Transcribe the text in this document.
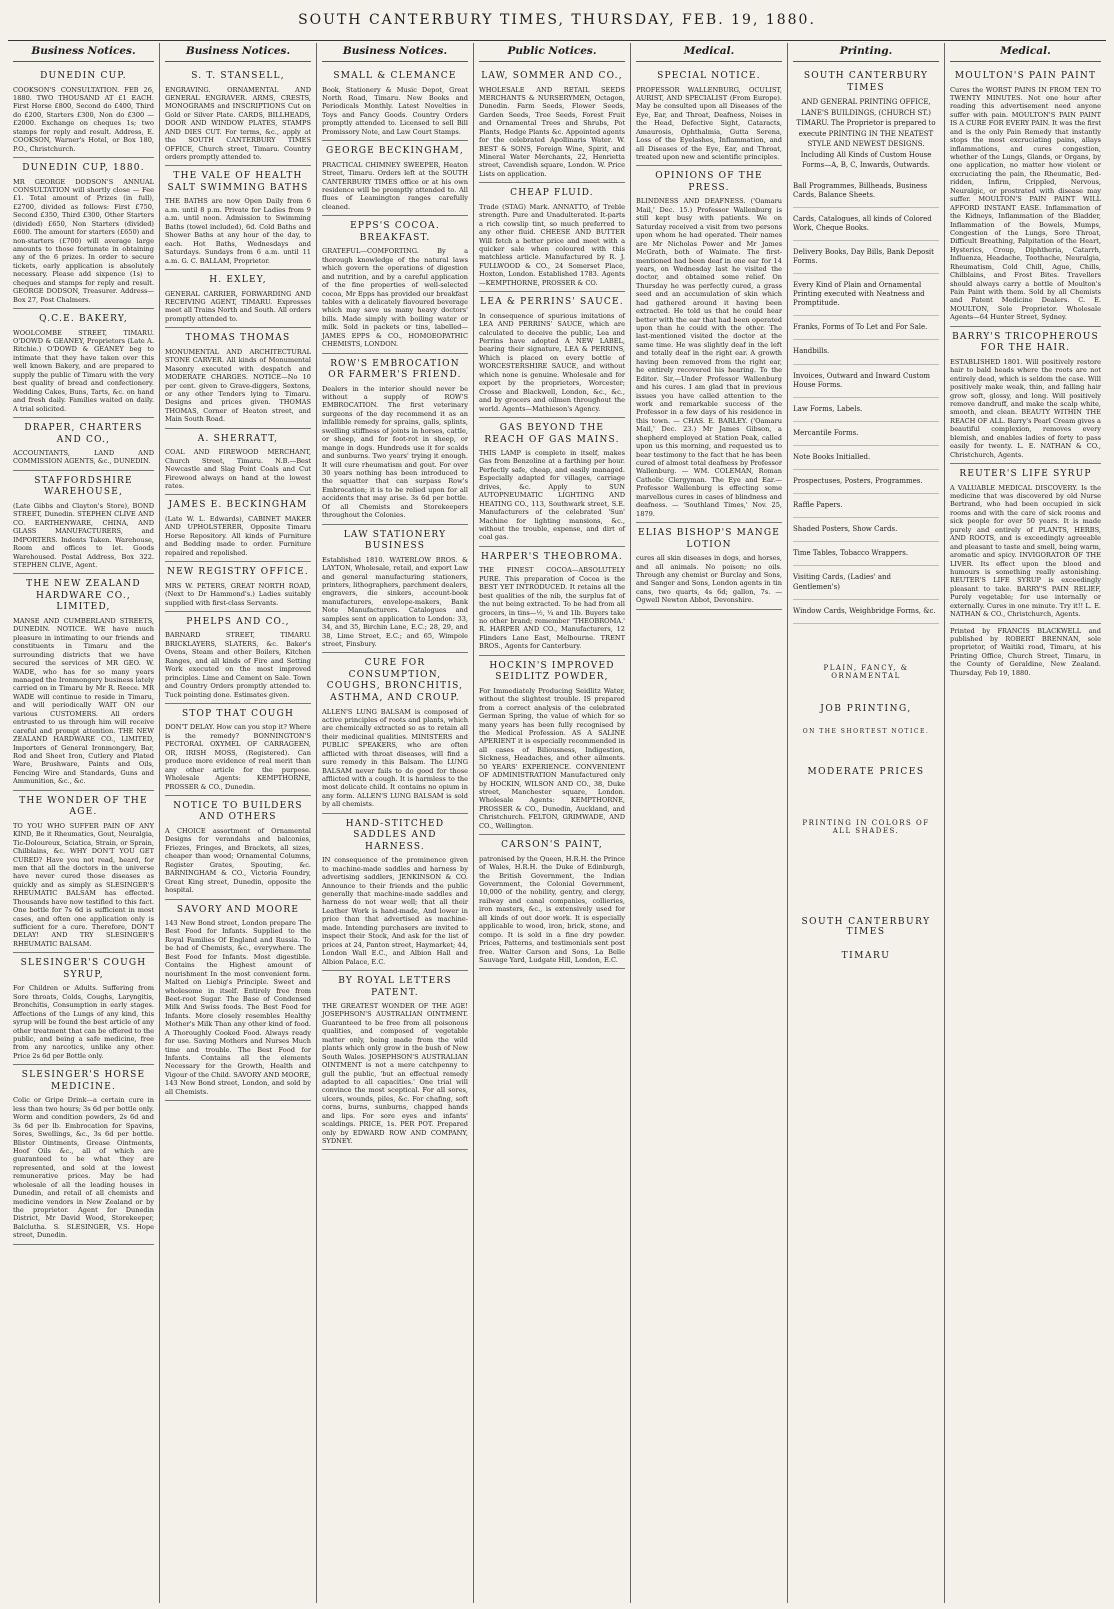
SOUTH CANTERBURY TIMES, THURSDAY, FEB. 19, 1880.
Business Notices.
DUNEDIN CUP.
COOKSON'S CONSULTATION. FEB 26, 1880. TWO THOUSAND AT £1 EACH. First Horse £800, Second do £400, Third do £200, Starters £300, Non do £300 — £2000. Exchange on cheques 1s; two stamps for reply and result. Address, E. COOKSON, Warner's Hotel, or Box 180, P.O., Christchurch.
DUNEDIN CUP, 1880.
MR GEORGE DODSON'S ANNUAL CONSULTATION will shortly close — Fee £1. Total amount of Prizes (in full), £2700, divided as follows: First £750, Second £350, Third £300, Other Starters (divided) £650, Non Starters (divided) £600. The amount for starters (£650) and non-starters (£700) will average large amounts to those fortunate in obtaining any of the 6 prizes. In order to secure tickets, early application is absolutely necessary. Please add sixpence (1s) to cheques and stamps for reply and result. GEORGE DODSON, Treasurer. Address—Box 27, Post Chalmers.
Q.C.E. BAKERY,
WOOLCOMBE STREET, TIMARU. O'DOWD & GEANEY, Proprietors (Late A. Ritchie.) O'DOWD & GEANEY beg to intimate that they have taken over this well known Bakery, and are prepared to supply the public of Timaru with the very best quality of bread and confectionery. Wedding Cakes, Buns, Tarts, &c. on hand and fresh daily. Families waited on daily. A trial solicited.
DRAPER, CHARTERS AND CO.,
ACCOUNTANTS, LAND AND COMMISSION AGENTS, &c., DUNEDIN.
STAFFORDSHIRE WAREHOUSE,
(Late Gibbs and Clayton's Store), BOND STREET, Dunedin. STEPHEN CLIVE AND CO. EARTHENWARE, CHINA, AND GLASS MANUFACTURERS, and IMPORTERS. Indents Taken. Warehouse, Room and offices to let. Goods Warehoused. Postal Address, Box 322. STEPHEN CLIVE, Agent.
THE NEW ZEALAND HARDWARE CO., LIMITED,
MANSE AND CUMBERLAND STREETS, DUNEDIN. NOTICE. WE have much pleasure in intimating to our friends and constituents in Timaru and the surrounding districts that we have secured the services of MR GEO. W. WADE, who has for so many years managed the Ironmongery business lately carried on in Timaru by Mr R. Reece. MR WADE will continue to reside in Timaru, and will periodically WAIT ON our various CUSTOMERS. All orders entrusted to us through him will receive careful and prompt attention. THE NEW ZEALAND HARDWARE CO., LIMITED, Importers of General Ironmongery, Bar, Rod and Sheet Iron, Cutlery and Plated Ware, Brushware, Paints and Oils, Fencing Wire and Standards, Guns and Ammunition, &c., &c.
THE WONDER OF THE AGE.
TO YOU WHO SUFFER PAIN OF ANY KIND, Be it Rheumatics, Gout, Neuralgia, Tic-Doloureux, Sciatica, Strain, or Sprain, Chilblains, &c. WHY DON'T YOU GET CURED? Have you not read, heard, for men that all the doctors in the universe have never cured those diseases as quickly and as simply as SLESINGER'S RHEUMATIC BALSAM has effected. Thousands have now testified to this fact. One bottle for 7s 6d is sufficient in most cases, and often one application only is sufficient for a cure. Therefore, DON'T DELAY! AND TRY SLESINGER'S RHEUMATIC BALSAM.
SLESINGER'S COUGH SYRUP,
For Children or Adults. Suffering from Sore throats, Colds, Coughs, Laryngitis, Bronchitis, Consumption in early stages. Affections of the Lungs of any kind, this syrup will be found the best article of any other treatment that can be offered to the public, and being a safe medicine, free from any narcotics, unlike any other. Price 2s 6d per Bottle only.
SLESINGER'S HORSE MEDICINE.
Colic or Gripe Drink—a certain cure in less than two hours; 3s 6d per bottle only. Worm and condition powders, 2s 6d and 3s 6d per lb. Embrocation for Spavins, Sores, Swellings, &c., 3s 6d per bottle. Blister Ointments, Grease Ointments, Hoof Oils &c., all of which are guaranteed to be what they are represented, and sold at the lowest remunerative prices. May be had wholesale of all the leading houses in Dunedin, and retail of all chemists and medicine vendors in New Zealand or by the proprietor. Agent for Dunedin District, Mr David Wood, Storekeeper, Balclutha. S. SLESINGER, V.S. Hope street, Dunedin.
Business Notices.
S. T. STANSELL,
ENGRAVING. ORNAMENTAL AND GENERAL ENGRAVER. ARMS, CRESTS, MONOGRAMS and INSCRIPTIONS Cut on Gold or Silver Plate. CARDS, BILLHEADS, DOOR AND WINDOW PLATES, STAMPS AND DIES CUT. For terms, &c., apply at the SOUTH CANTERBURY TIMES OFFICE, Church street, Timaru. Country orders promptly attended to.
THE VALE OF HEALTH SALT SWIMMING BATHS
THE BATHS are now Open Daily from 6 a.m. until 8 p.m. Private for Ladies from 9 a.m. until noon. Admission to Swimming Baths (towel included), 6d. Cold Baths and Shower Baths at any hour of the day, to each. Hot Baths, Wednesdays and Saturdays. Sundays from 6 a.m. until 11 a.m. G. C. BALLAM, Proprietor.
H. EXLEY,
GENERAL CARRIER, FORWARDING AND RECEIVING AGENT, TIMARU. Expresses meet all Trains North and South. All orders promptly attended to.
THOMAS THOMAS
MONUMENTAL AND ARCHITECTURAL STONE CARVER. All kinds of Monumental Masonry executed with despatch and MODERATE CHARGES. NOTICE—No 10 per cent. given to Grave-diggers, Sextons, or any other Tenders lying to Timaru. Designs and prices given. THOMAS THOMAS, Corner of Heaton street, and Main South Road.
A. SHERRATT,
COAL AND FIREWOOD MERCHANT, Church Street, Timaru. N.B.—Best Newcastle and Slag Point Coals and Cut Firewood always on hand at the lowest rates.
JAMES E. BECKINGHAM
(Late W. L. Edwards), CABINET MAKER AND UPHOLSTERER, Opposite Timaru Horse Repository. All kinds of Furniture and Bedding made to order. Furniture repaired and repolished.
NEW REGISTRY OFFICE.
MRS W. PETERS, GREAT NORTH ROAD, (Next to Dr Hammond's.) Ladies suitably supplied with first-class Servants.
PHELPS AND CO.,
BARNARD STREET, TIMARU. BRICKLAYERS, SLATERS, &c. Baker's Ovens, Steam and other Boilers, Kitchen Ranges, and all kinds of Fire and Setting Work executed on the most improved principles. Lime and Cement on Sale. Town and Country Orders promptly attended to. Tuck pointing done. Estimates given.
STOP THAT COUGH
DON'T DELAY. How can you stop it? Where is the remedy? BONNINGTON'S PECTORAL OXYMEL OF CARRAGEEN, OR, IRISH MOSS, (Registered). Can produce more evidence of real merit than any other article for the purpose. Wholesale Agents: KEMPTHORNE, PROSSER & CO., Dunedin.
NOTICE TO BUILDERS AND OTHERS
A CHOICE assortment of Ornamental Designs for verandahs and balconies, Friezes, Fringes, and Brackets, all sizes, cheaper than wood; Ornamental Columns, Register Grates, Spouting, &c. BARNINGHAM & CO., Victoria Foundry, Great King street, Dunedin, opposite the hospital.
SAVORY AND MOORE
143 New Bond street, London prepare The Best Food for Infants. Supplied to the Royal Families Of England and Russia. To be had of Chemists, &c., everywhere. The Best Food for Infants. Most digestible. Contains the Highest amount of nourishment In the most convenient form. Malted on Liebig's Principle. Sweet and wholesome in itself. Entirely free from Beet-root Sugar. The Base of Condensed Milk And Swiss foods. The Best Food for Infants. More closely resembles Healthy Mother's Milk Than any other kind of food. A Thoroughly Cooked Food. Always ready for use. Saving Mothers and Nurses Much time and trouble. The Best Food for Infants. Contains all the elements Necessary for the Growth, Health and Vigour of the Child. SAVORY AND MOORE, 143 New Bond street, London, and sold by all Chemists.
Business Notices.
SMALL & CLEMANCE
Book, Stationery & Music Depot, Great North Road, Timaru. New Books and Periodicals Monthly. Latest Novelties in Toys and Fancy Goods. Country Orders promptly attended to. Licensed to sell Bill Promissory Note, and Law Court Stamps.
GEORGE BECKINGHAM,
PRACTICAL CHIMNEY SWEEPER, Heaton Street, Timaru. Orders left at the SOUTH CANTERBURY TIMES office or at his own residence will be promptly attended to. All flues of Leamington ranges carefully cleaned.
EPPS'S COCOA. BREAKFAST.
GRATEFUL—COMFORTING. By a thorough knowledge of the natural laws which govern the operations of digestion and nutrition, and by a careful application of the fine properties of well-selected cocoa, Mr Epps has provided our breakfast tables with a delicately flavoured beverage which may save us many heavy doctors' bills. Made simply with boiling water or milk. Sold in packets or tins, labelled—JAMES EPPS & CO., HOMOEOPATHIC CHEMISTS, LONDON.
ROW'S EMBROCATION OR FARMER'S FRIEND.
Dealers in the interior should never be without a supply of ROW'S EMBROCATION. The first veterinary surgeons of the day recommend it as an infallible remedy for sprains, galls, splints, swelling stiffness of joints in horses, cattle, or sheep, and for foot-rot in sheep, or mange in dogs. Hundreds use it for scalds and sunburns. Two years' trying it enough. It will cure rheumatism and gout. For over 30 years nothing has been introduced to the squatter that can surpass Row's Embrocation; it is to be relied upon for all accidents that may arise. 3s 6d per bottle. Of all Chemists and Storekeepers throughout the Colonies.
LAW STATIONERY BUSINESS
Established 1810. WATERLOW BROS. & LAYTON, Wholesale, retail, and export Law and general manufacturing stationers, printers, lithographers, parchment dealers, engravers, die sinkers, account-book manufacturers, envelope-makers, Bank Note Manufacturers. Catalogues and samples sent on application to London: 33, 34, and 35, Birchin Lane, E.C.; 28, 29, and 38, Lime Street, E.C.; and 65, Wimpole street, Finsbury.
CURE FOR CONSUMPTION, COUGHS, BRONCHITIS, ASTHMA, AND CROUP.
ALLEN'S LUNG BALSAM is composed of active principles of roots and plants, which are chemically extracted so as to retain all their medicinal qualities. MINISTERS and PUBLIC SPEAKERS, who are often afflicted with throat diseases, will find a sure remedy in this Balsam. The LUNG BALSAM never fails to do good for those afflicted with a cough. It is harmless to the most delicate child. It contains no opium in any form. ALLEN'S LUNG BALSAM is sold by all chemists.
HAND-STITCHED SADDLES AND HARNESS.
IN consequence of the prominence given to machine-made saddles and harness by advertising saddlers, JENKINSON & CO. Announce to their friends and the public generally that machine-made saddles and harness do not wear well; that all their Leather Work is hand-made, And lower in price than that advertised as machine-made. Intending purchasers are invited to inspect their Stock, And ask for the list of prices at 24, Panton street, Haymarket; 44, London Wall E.C., and Albion Hall and Albion Palace, E.C.
BY ROYAL LETTERS PATENT.
THE GREATEST WONDER OF THE AGE! JOSEPHSON'S AUSTRALIAN OINTMENT. Guaranteed to be free from all poisonous qualities, and composed of vegetable matter only, being made from the wild plants which only grow in the bush of New South Wales. JOSEPHSON'S AUSTRALIAN OINTMENT is not a mere catchpenny to gull the public, 'but an effectual remedy adapted to all capacities.' One trial will convince the most sceptical. For all sores, ulcers, wounds, piles, &c. For chafing, soft corns, burns, sunburns, chapped hands and lips. For sore eyes and infants' scaldings. PRICE, 1s. PER POT. Prepared only by EDWARD ROW AND COMPANY, SYDNEY.
Public Notices.
LAW, SOMMER AND CO.,
WHOLESALE AND RETAIL SEEDS MERCHANTS & NURSERYMEN, Octagon, Dunedin. Farm Seeds, Flower Seeds, Garden Seeds, Tree Seeds, Forest Fruit and Ornamental Trees and Shrubs, Pot Plants, Hedge Plants &c. Appointed agents for the celebrated Apollinaris Water. W. BEST & SONS, Foreign Wine, Spirit, and Mineral Water Merchants, 22, Henrietta street, Cavendish square, London. W. Price Lists on application.
CHEAP FLUID.
Trade (STAG) Mark. ANNATTO, of Treble strength. Pure and Unadulterated. It-parts a rich cowslip tint, so much preferred to any other fluid. CHEESE AND BUTTER Will fetch a better price and meet with a quicker sale when coloured with this matchless article. Manufactured by R. J. FULLWOOD & CO., 24 Somerset Place, Hoxton, London. Established 1783. Agents—KEMPTHORNE, PROSSER & CO.
LEA & PERRINS' SAUCE.
In consequence of spurious imitations of LEA AND PERRINS' SAUCE, which are calculated to deceive the public, Lea and Perrins have adopted A NEW LABEL, bearing their signature, LEA & PERRINS, Which is placed on every bottle of WORCESTERSHIRE SAUCE, and without which none is genuine. Wholesale and for export by the proprietors, Worcester; Crosse and Blackwell, London, &c., &c., and by grocers and oilmen throughout the world. Agents—Mathieson's Agency.
GAS BEYOND THE REACH OF GAS MAINS.
THIS LAMP is complete in itself, makes Gas from Benzoline at a farthing per hour. Perfectly safe, cheap, and easily managed. Especially adapted for villages, carriage drives, &c. Apply to SUN AUTOPNEUMATIC LIGHTING AND HEATING CO., 113, Southwark street, S.E. Manufacturers of the celebrated 'Sun' Machine for lighting mansions, &c., without the trouble, expense, and dirt of coal gas.
HARPER'S THEOBROMA.
THE FINEST COCOA—ABSOLUTELY PURE. This preparation of Cocoa is the BEST YET INTRODUCED. It retains all the best qualities of the nib, the surplus fat of the nut being extracted. To be had from all grocers, in tins—½, ¼ and 1lb. Buyers take no other brand; remember 'THEOBROMA.' R. HARPER AND CO., Manufacturers, 12 Flinders Lane East, Melbourne. TRENT BROS., Agents for Canterbury.
HOCKIN'S IMPROVED SEIDLITZ POWDER,
For Immediately Producing Seidlitz Water, without the slightest trouble. IS prepared from a correct analysis of the celebrated German Spring, the value of which for so many years has been fully recognised by the Medical Profession. AS A SALINE APERIENT it is especially recommended in all cases of Biliousness, Indigestion, Sickness, Headaches, and other ailments. 50 YEARS' EXPERIENCE. CONVENIENT OF ADMINISTRATION Manufactured only by HOCKIN, WILSON AND CO., 38, Duke street, Manchester square, London. Wholesale Agents: KEMPTHORNE, PROSSER & CO., Dunedin, Auckland, and Christchurch. FELTON, GRIMWADE, AND CO., Wellington.
CARSON'S PAINT,
patronised by the Queen, H.R.H. the Prince of Wales, H.R.H. the Duke of Edinburgh, the British Government, the Indian Government, the Colonial Government, 10,000 of the nobility, gentry, and clergy, railway and canal companies, collieries, iron masters, &c., is extensively used for all kinds of out door work. It is especially applicable to wood, iron, brick, stone, and compo. It is sold in a fine dry powder. Prices, Patterns, and testimonials sent post free. Walter Carson and Sons, La Belle Sauvage Yard, Ludgate Hill, London, E.C.
Medical.
SPECIAL NOTICE.
PROFESSOR WALLENBURG, OCULIST, AURIST, AND SPECIALIST (From Europe). May be consulted upon all Diseases of the Eye, Ear, and Throat, Deafness, Noises in the Head, Defective Sight, Cataracts, Amaurosis, Ophthalmia, Gutta Serena, Loss of the Eyelashes, Inflammation, and all Diseases of the Eye, Ear, and Throat, treated upon new and scientific principles.
OPINIONS OF THE PRESS.
BLINDNESS AND DEAFNESS. ('Oamaru Mail,' Dec. 15.) Professor Wallenburg is still kept busy with patients. We on Saturday received a visit from two persons upon whom he had operated. Their names are Mr Nicholas Power and Mr James McGrath, both of Waimate. The first-mentioned had been deaf in one ear for 14 years, on Wednesday last he visited the doctor, and obtained some relief. On Thursday he was perfectly cured, a grass seed and an accumulation of skin which had gathered around it having been extracted. He told us that he could hear better with the ear that had been operated upon than he could with the other. The last-mentioned visited the doctor at the same time. He was slightly deaf in the left and totally deaf in the right ear. A growth having been removed from the right ear, he entirely recovered his hearing. To the Editor. Sir,—Under Professor Wallenburg and his cures. I am glad that in previous issues you have called attention to the work and remarkable success of the Professor in a few days of his residence in this town. — CHAS. E. BARLEY. ('Oamaru Mail,' Dec. 23.) Mr James Gibson, a shepherd employed at Station Peak, called upon us this morning, and requested us to bear testimony to the fact that he has been cured of almost total deafness by Professor Wallenburg. — WM. COLEMAN, Roman Catholic Clergyman. The Eye and Ear.—Professor Wallenburg is effecting some marvellous cures in cases of blindness and deafness. — 'Southland Times,' Nov. 25, 1879.
ELIAS BISHOP'S MANGE LOTION
cures all skin diseases in dogs, and horses, and all animals. No poison; no oils. Through any chemist or Burclay and Sons, and Sanger and Sons, London agents in tin cans, two quarts, 4s 6d; gallon, 7s. —Ogwell Newton Abbot, Devonshire.
Printing.
SOUTH CANTERBURY TIMES
AND GENERAL PRINTING OFFICE, LANE'S BUILDINGS, (CHURCH ST.) TIMARU. The Proprietor is prepared to execute PRINTING IN THE NEATEST STYLE AND NEWEST DESIGNS. Including All Kinds of Custom House Forms—A, B, C, Inwards, Outwards.
Ball Programmes, Billheads, Business Cards, Balance Sheets.
Cards, Catalogues, all kinds of Colored Work, Cheque Books.
Delivery Books, Day Bills, Bank Deposit Forms.
Every Kind of Plain and Ornamental Printing executed with Neatness and Promptitude.
Franks, Forms of To Let and For Sale.
Handbills.
Invoices, Outward and Inward Custom House Forms.
Law Forms, Labels.
Mercantile Forms.
Note Books Initialled.
Prospectuses, Posters, Programmes.
Raffle Papers.
Shaded Posters, Show Cards.
Time Tables, Tobacco Wrappers.
Visiting Cards, (Ladies' and Gentlemen's)
Window Cards, Weighbridge Forms, &c.
PLAIN, FANCY, & ORNAMENTAL
JOB PRINTING,
ON THE SHORTEST NOTICE.
MODERATE PRICES
PRINTING IN COLORS OF ALL SHADES.
SOUTH CANTERBURY TIMES
TIMARU
Medical.
MOULTON'S PAIN PAINT
Cures the WORST PAINS IN FROM TEN TO TWENTY MINUTES. Not one hour after reading this advertisement need anyone suffer with pain. MOULTON'S PAIN PAINT IS A CURE FOR EVERY PAIN. It was the first and is the only Pain Remedy that instantly stops the most excruciating pains, allays inflammations, and cures congestion, whether of the Lungs, Glands, or Organs, by one application, no matter how violent or excruciating the pain, the Rheumatic, Bed-ridden, Infirm, Crippled, Nervous, Neuralgic, or prostrated with disease may suffer. MOULTON'S PAIN PAINT WILL AFFORD INSTANT EASE. Inflammation of the Kidneys, Inflammation of the Bladder, Inflammation of the Bowels, Mumps, Congestion of the Lungs, Sore Throat, Difficult Breathing, Palpitation of the Heart, Hysterics, Croup, Diphtheria, Catarrh, Influenza, Headache, Toothache, Neuralgia, Rheumatism, Cold Chill, Ague, Chills, Chilblains, and Frost Bites. Travellers should always carry a bottle of Moulton's Pain Paint with them. Sold by all Chemists and Patent Medicine Dealers. C. E. MOULTON, Sole Proprietor. Wholesale Agents—64 Hunter Street, Sydney.
BARRY'S TRICOPHEROUS FOR THE HAIR.
ESTABLISHED 1801. Will positively restore hair to bald heads where the roots are not entirely dead, which is seldom the case. Will positively make weak, thin, and falling hair grow soft, glossy, and long. Will positively remove dandruff, and make the scalp white, smooth, and clean. BEAUTY WITHIN THE REACH OF ALL. Barry's Pearl Cream gives a beautiful complexion, removes every blemish, and enables ladies of forty to pass easily for twenty. L. E. NATHAN & CO., Christchurch, Agents.
REUTER'S LIFE SYRUP
A VALUABLE MEDICAL DISCOVERY. Is the medicine that was discovered by old Nurse Bertrand, who had been occupied in sick rooms and with the care of sick rooms and sick people for over 50 years. It is made purely and entirely of PLANTS, HERBS, AND ROOTS, and is exceedingly agreeable and pleasant to taste and smell, being warm, aromatic and spicy. INVIGORATOR OF THE LIVER. Its effect upon the blood and humours is something really astonishing. REUTER'S LIFE SYRUP is exceedingly pleasant to take. BARRY'S PAIN RELIEF, Purely vegetable; for use internally or externally. Cures in one minute. Try it!! L. E. NATHAN & CO., Christchurch, Agents.
Printed by FRANCIS BLACKWELL and published by ROBERT BRENNAN, sole proprietor, of Waitiki road, Timaru, at his Printing Office, Church Street, Timaru, in the County of Geraldine, New Zealand. Thursday, Feb 19, 1880.
